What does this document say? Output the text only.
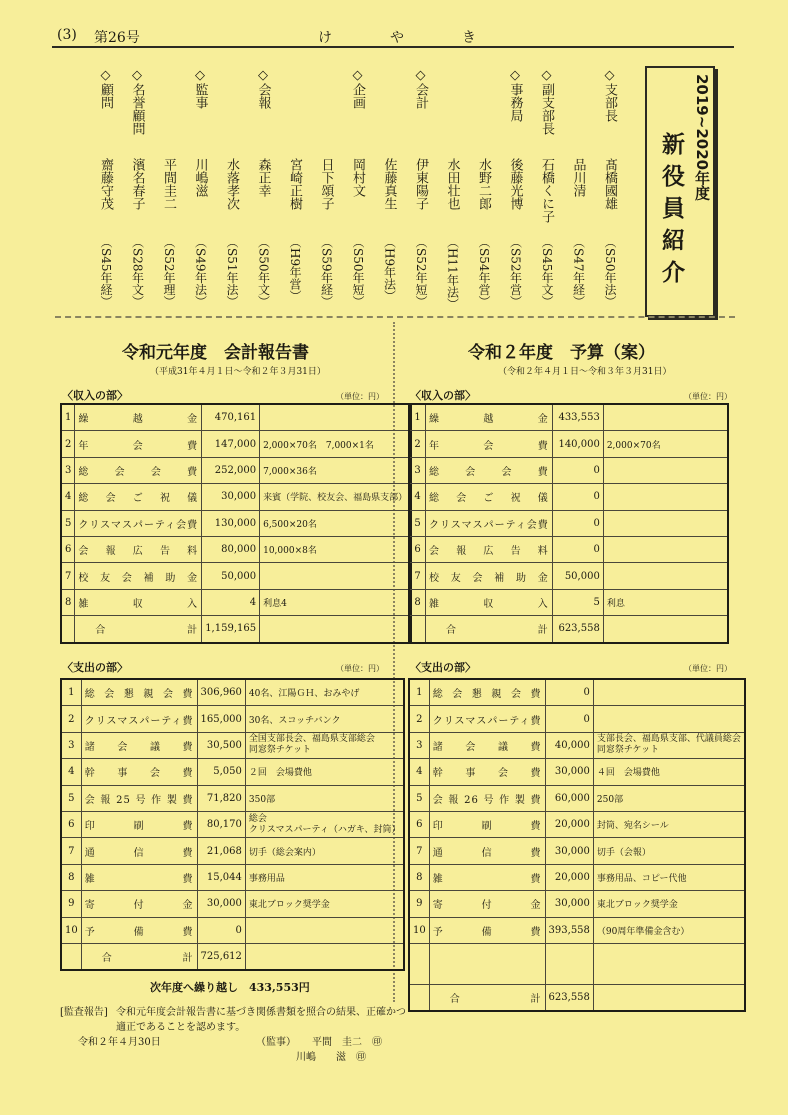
(3) 第26号	けやき
◇支部長
髙橋國雄
（S50年法）
品川清
（S47年経）
◇副支部長
石橋くに子
（S45年文）
◇事務局
後藤光博
（S52年営）
水野二郎
（S54年営）
水田壮也
（H11年法）
◇会計
伊東陽子
（S52年短）
佐藤真生
（H9年法）
◇企画
岡村文
（S50年短）
日下頌子
（S59年経）
宮崎正樹
（H9年営）
◇会報
森正幸
（S50年文）
水落孝次
（S51年法）
◇監事
川嶋滋
（S49年法）
平間圭二
（S52年理）
◇名誉顧問
濱名春子
（S28年文）
◇顧問
齋藤守茂
（S45年経）
2019~2020年度
新役員紹介
令和元年度　会計報告書
（平成31年４月１日～令和２年３月31日）
〈収入の部〉	（単位：円）
1	繰越金	470,161	
2	年会費	147,000	2,000×70名　7,000×1名
3	総会会費	252,000	7,000×36名
4	総会ご祝儀	30,000	来賓（学院、校友会、福島県支部）
5	クリスマスパーティ会費	130,000	6,500×20名
6	会報広告料	80,000	10,000×8名
7	校友会補助金	50,000	
8	雑収入	4	利息4
	合計	1,159,165	
〈支出の部〉	（単位：円）
1	総会懇親会費	306,960	40名、江陽ＧＨ、おみやげ
2	クリスマスパーティ費	165,000	30名、スコッチバンク
3	諸会議費	30,500	全国支部長会、福島県支部総会
同窓祭チケット

4	幹事会費	5,050	２回　会場費他
5	会報25号作製費	71,820	350部
6	印刷費	80,170	総会
クリスマスパーティ（ハガキ、封筒）

7	通信費	21,068	切手（総会案内）
8	雑費	15,044	事務用品
9	寄付金	30,000	東北ブロック奨学金
10	予備費	0	
	合計	725,612	
次年度へ繰り越し　433,553円
[監査報告] 令和元年度会計報告書に基づき関係書類を照合の結果、正確かつ
適正であることを認めます。
令和２年４月30日	（監事） 平間　圭二　㊞
川嶋　　滋　㊞
令和２年度　予算（案）
（令和２年４月１日～令和３年３月31日）
〈収入の部〉	（単位：円）
1	繰越金	433,553	
2	年会費	140,000	2,000×70名
3	総会会費	0	
4	総会ご祝儀	0	
5	クリスマスパーティ会費	0	
6	会報広告料	0	
7	校友会補助金	50,000	
8	雑収入	5	利息
	合計	623,558	
〈支出の部〉	（単位：円）
1	総会懇親会費	0	
2	クリスマスパーティ費	0	
3	諸会議費	40,000	支部長会、福島県支部、代議員総会
同窓祭チケット

4	幹事会費	30,000	４回　会場費他
5	会報26号作製費	60,000	250部
6	印刷費	20,000	封筒、宛名シール
7	通信費	30,000	切手（会報）
8	雑費	20,000	事務用品、コピー代他
9	寄付金	30,000	東北ブロック奨学金
10	予備費	393,558	（90周年準備金含む）

	合計	623,558	
